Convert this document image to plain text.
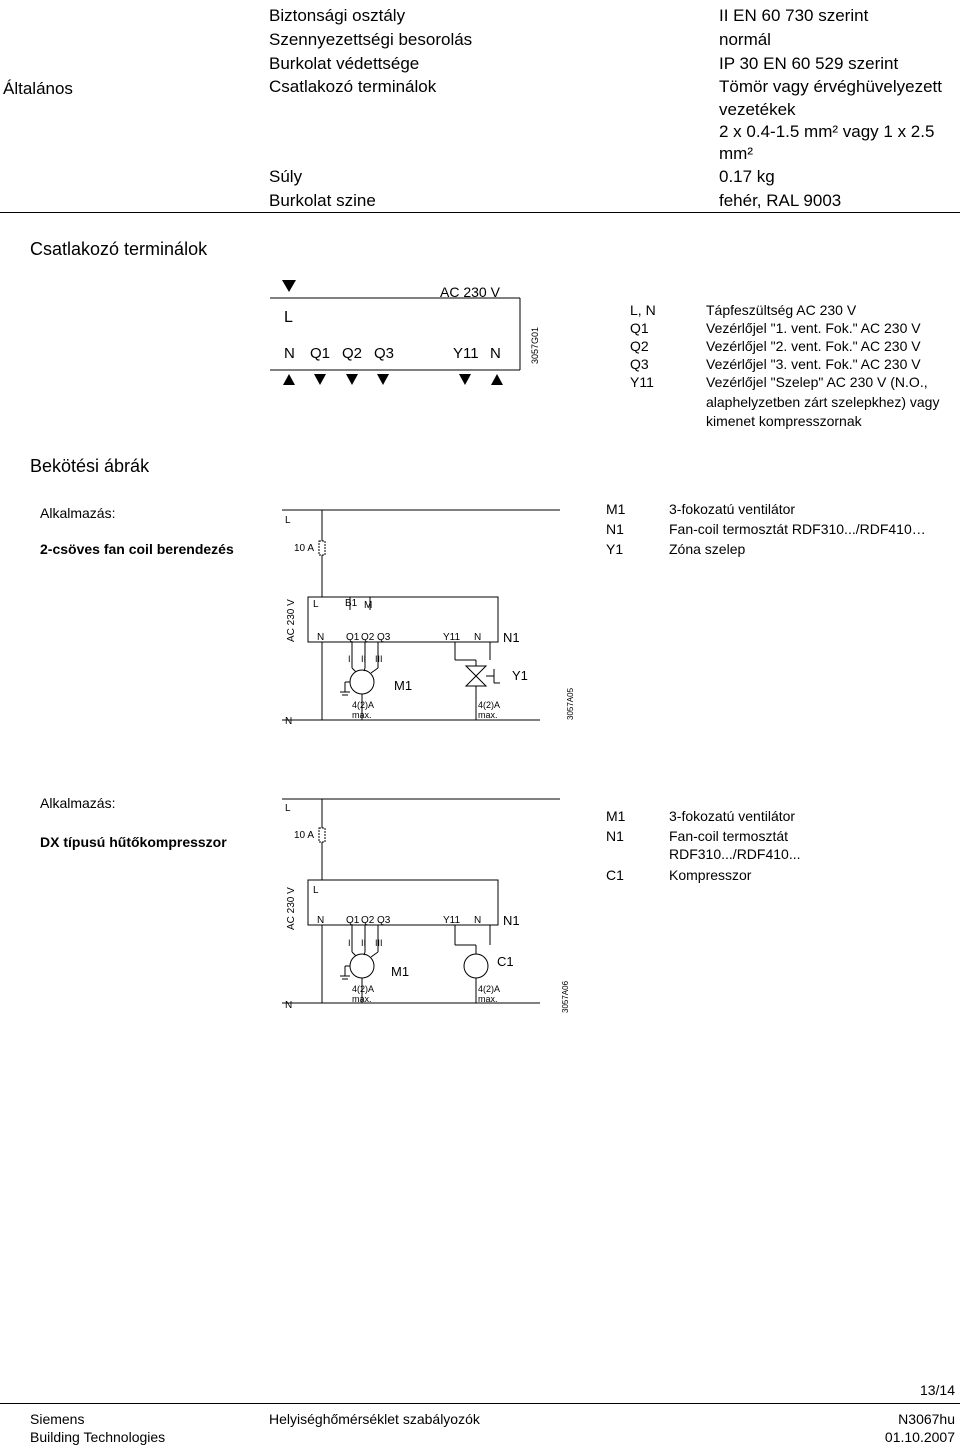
Általános
Biztonsági osztály	II EN 60 730 szerint
Szennyezettségi besorolás	normál
Burkolat védettsége	IP 30 EN 60 529 szerint
Csatlakozó terminálok	Tömör vagy érvéghüvelyezett
vezetékek
2 x 0.4-1.5 mm² vagy 1 x 2.5
mm²
Súly	0.17 kg
Burkolat szine	fehér, RAL 9003
Csatlakozó terminálok
AC 230 V
L
N Q1 Q2 Q3	Y11 N	3057G01
L, N	Tápfeszültség AC 230 V
Q1	Vezérlőjel "1. vent. Fok." AC 230 V
Q2	Vezérlőjel "2. vent. Fok." AC 230 V
Q3	Vezérlőjel "3. vent. Fok." AC 230 V
Y11	Vezérlőjel "Szelep" AC 230 V (N.O.,
alaphelyzetben zárt szelepkhez) vagy
kimenet kompresszornak
Bekötési ábrák
Alkalmazás:
2-csöves fan coil berendezés
M1	3-fokozatú ventilátor
N1	Fan-coil termosztát RDF310.../RDF410…
Y1	Zóna szelep
AC 230 V
L
N
10 A
L	B1 M
N Q1 Q2 Q3	Y11 N N1
I II III
M1
Y1
4(2)A
max.
4(2)A
max.	3057A05
Alkalmazás:
DX típusú hűtőkompresszor
M1	3-fokozatú ventilátor
N1	Fan-coil termosztát
RDF310.../RDF410...
C1	Kompresszor
AC 230 V
L
N
10 A
L
N Q1 Q2 Q3	Y11 N N1
I II III
M1
C1
4(2)A
max.
4(2)A
max.	3057A06
13/14
Siemens
Building Technologies
Helyiséghőmérséklet szabályozók	N3067hu
01.10.2007
